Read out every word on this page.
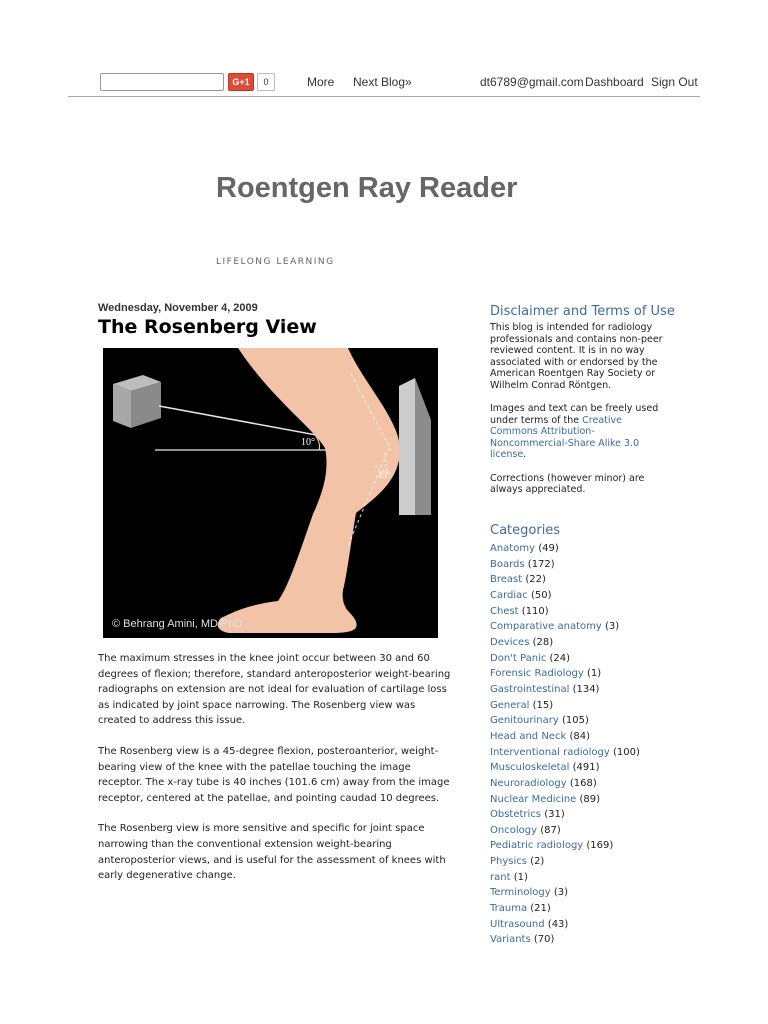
G+1	0	More Next Blog»	dt6789@gmail.com Dashboard Sign Out
Roentgen Ray Reader
LIFELONG LEARNING
Wednesday, November 4, 2009
The Rosenberg View
10°
45°
© Behrang Amini, MD/PhD

The maximum stresses in the knee joint occur between 30 and 60 degrees of flexion; therefore, standard anteroposterior weight-bearing radiographs on extension are not ideal for evaluation of cartilage loss as indicated by joint space narrowing. The Rosenberg view was created to address this issue.

The Rosenberg view is a 45-degree flexion, posteroanterior, weight-bearing view of the knee with the patellae touching the image receptor. The x-ray tube is 40 inches (101.6 cm) away from the image receptor, centered at the patellae, and pointing caudad 10 degrees.

The Rosenberg view is more sensitive and specific for joint space narrowing than the conventional extension weight-bearing anteroposterior views, and is useful for the assessment of knees with early degenerative change.

Disclaimer and Terms of Use

This blog is intended for radiology professionals and contains non-peer reviewed content. It is in no way associated with or endorsed by the American Roentgen Ray Society or Wilhelm Conrad Röntgen.

Images and text can be freely used under terms of the Creative Commons Attribution-Noncommercial-Share Alike 3.0 license.

Corrections (however minor) are always appreciated.

Categories
Anatomy (49)
Boards (172)
Breast (22)
Cardiac (50)
Chest (110)
Comparative anatomy (3)
Devices (28)
Don't Panic (24)
Forensic Radiology (1)
Gastrointestinal (134)
General (15)
Genitourinary (105)
Head and Neck (84)
Interventional radiology (100)
Musculoskeletal (491)
Neuroradiology (168)
Nuclear Medicine (89)
Obstetrics (31)
Oncology (87)
Pediatric radiology (169)
Physics (2)
rant (1)
Terminology (3)
Trauma (21)
Ultrasound (43)
Variants (70)
